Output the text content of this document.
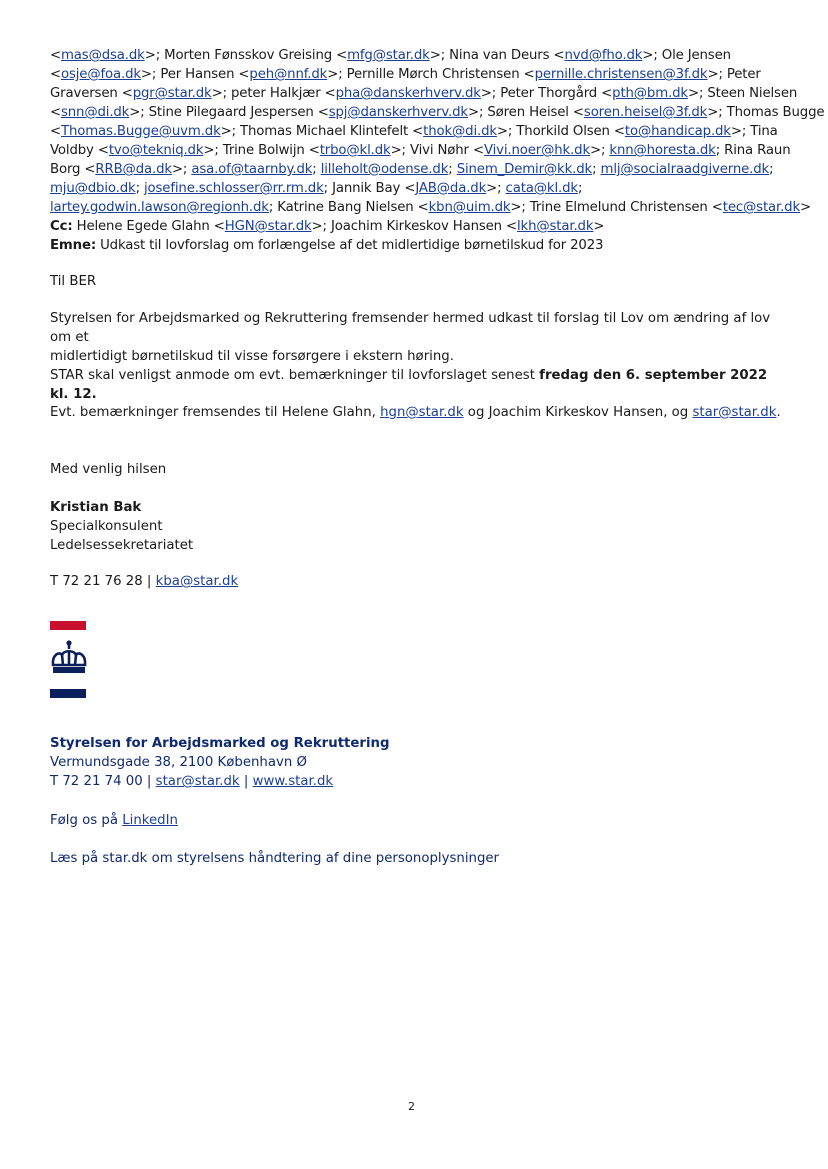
<mas@dsa.dk>; Morten Fønsskov Greising <mfg@star.dk>; Nina van Deurs <nvd@fho.dk>; Ole Jensen
<osje@foa.dk>; Per Hansen <peh@nnf.dk>; Pernille Mørch Christensen <pernille.christensen@3f.dk>; Peter
Graversen <pgr@star.dk>; peter Halkjær <pha@danskerhverv.dk>; Peter Thorgård <pth@bm.dk>; Steen Nielsen
<snn@di.dk>; Stine Pilegaard Jespersen <spj@danskerhverv.dk>; Søren Heisel <soren.heisel@3f.dk>; Thomas Bugge
<Thomas.Bugge@uvm.dk>; Thomas Michael Klintefelt <thok@di.dk>; Thorkild Olsen <to@handicap.dk>; Tina
Voldby <tvo@tekniq.dk>; Trine Bolwijn <trbo@kl.dk>; Vivi Nøhr <Vivi.noer@hk.dk>; knn@horesta.dk; Rina Raun
Borg <RRB@da.dk>; asa.of@taarnby.dk; lilleholt@odense.dk; Sinem_Demir@kk.dk; mlj@socialraadgiverne.dk;
mju@dbio.dk; josefine.schlosser@rr.rm.dk; Jannik Bay <JAB@da.dk>; cata@kl.dk;
lartey.godwin.lawson@regionh.dk; Katrine Bang Nielsen <kbn@uim.dk>; Trine Elmelund Christensen <tec@star.dk>
Cc: Helene Egede Glahn <HGN@star.dk>; Joachim Kirkeskov Hansen <lkh@star.dk>
Emne: Udkast til lovforslag om forlængelse af det midlertidige børnetilskud for 2023
Til BER
Styrelsen for Arbejdsmarked og Rekruttering fremsender hermed udkast til forslag til Lov om ændring af lov om et
midlertidigt børnetilskud til visse forsørgere i ekstern høring.
STAR skal venligst anmode om evt. bemærkninger til lovforslaget senest fredag den 6. september 2022 kl. 12.
Evt. bemærkninger fremsendes til Helene Glahn, hgn@star.dk og Joachim Kirkeskov Hansen, og star@star.dk.
Med venlig hilsen
Kristian Bak
Specialkonsulent
Ledelsessekretariatet
T 72 21 76 28 | kba@star.dk
Styrelsen for Arbejdsmarked og Rekruttering
Vermundsgade 38, 2100 København Ø
T 72 21 74 00 | star@star.dk | www.star.dk
Følg os på LinkedIn
Læs på star.dk om styrelsens håndtering af dine personoplysninger
2
